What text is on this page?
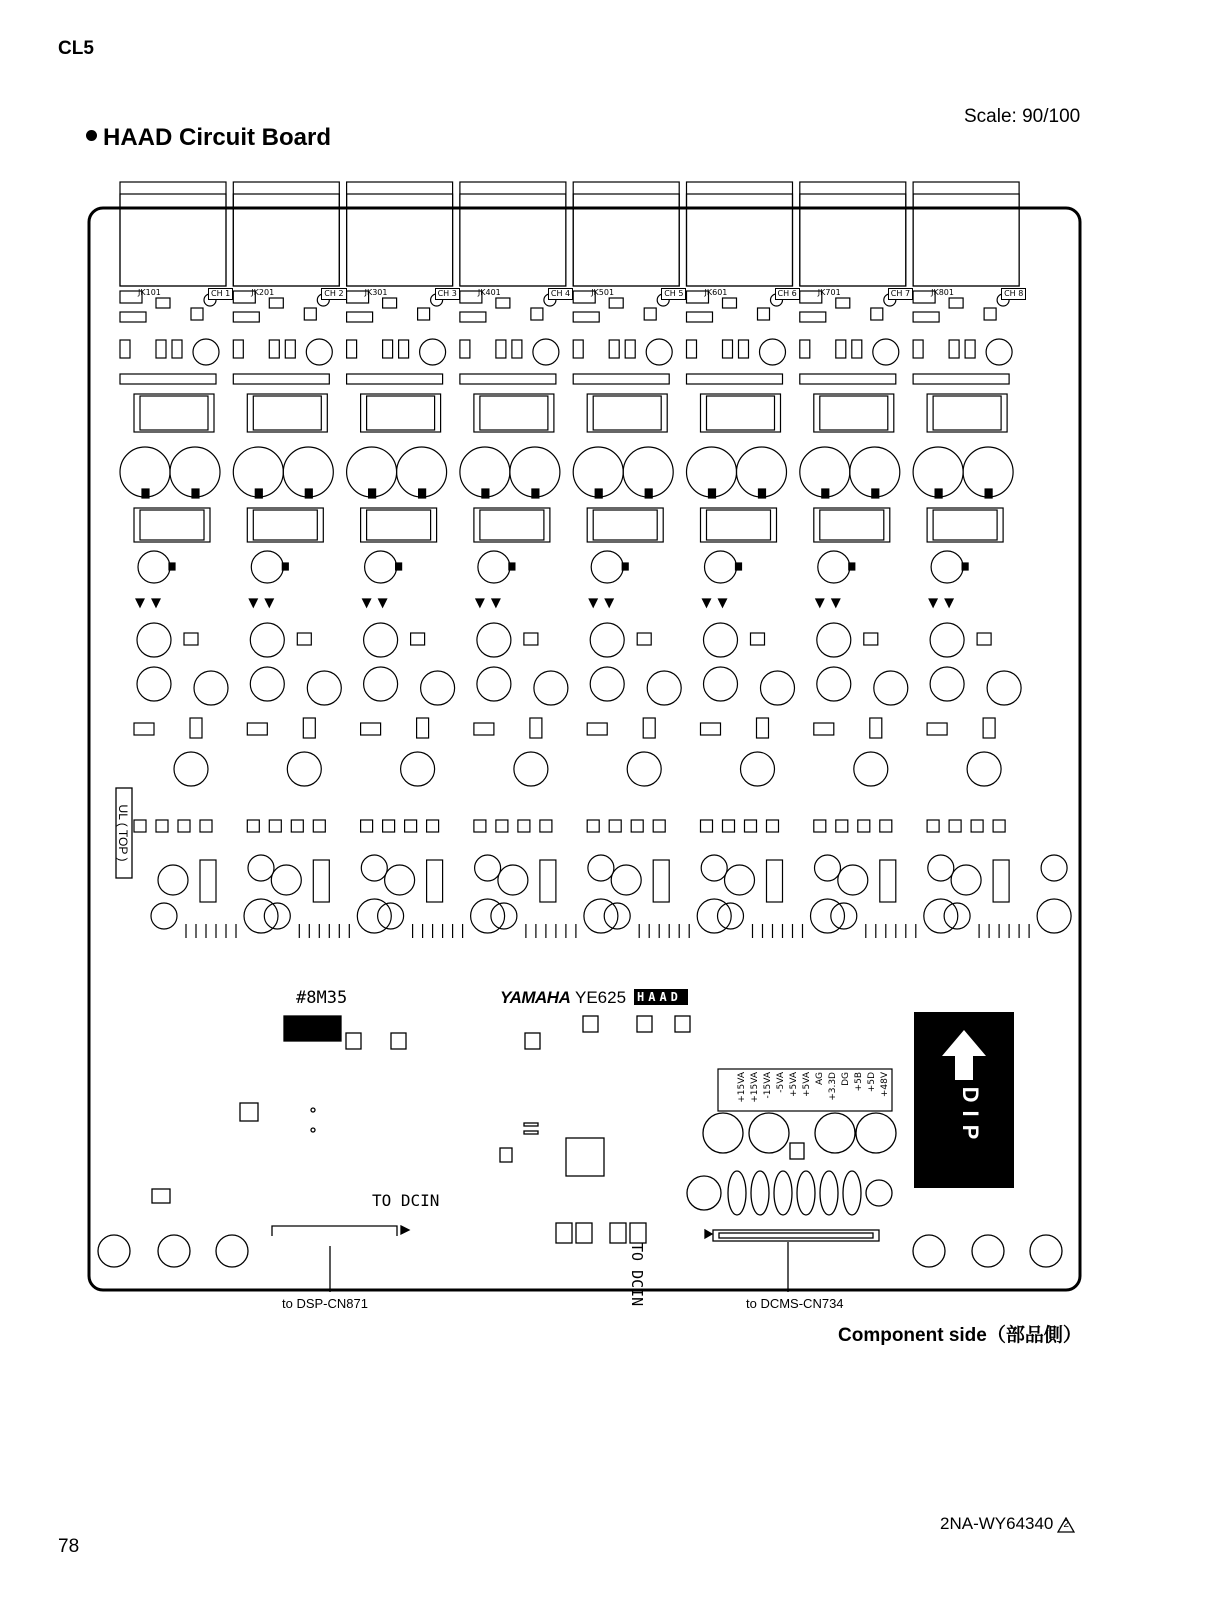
CL5
Scale: 90/100
HAAD Circuit Board
#8M35	YAMAHA YE625 HAAD
UL ( TOP )
TO DCIN
TO DCIN
DIP
+48V
+5D
+5B
DG
+3.3D
AG
+5VA
+5VA
-5VA
-15VA
+15VA
+15VA
CH 1
JK101	CH 2
JK201	CH 3
JK301	CH 4
JK401	CH 5
JK501	CH 6
JK601	CH 7
JK701	CH 8
JK801
to DSP-CN871	to DCMS-CN734
Component side（部品側）
2NA-WY64340 2
78
